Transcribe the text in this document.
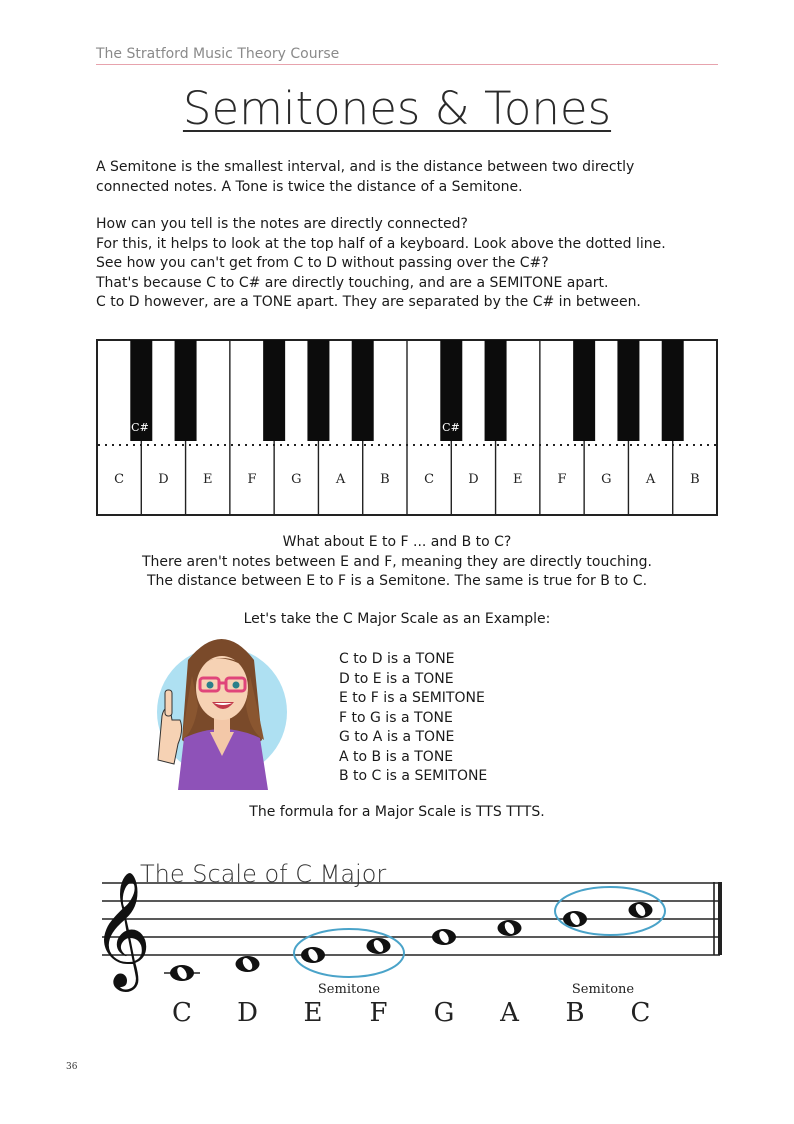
The Stratford Music Theory Course
Semitones & Tones

A Semitone is the smallest interval, and is the distance between two directly

connected notes. A Tone is twice the distance of a Semitone.

How can you tell is the notes are directly connected?

For this, it helps to look at the top half of a keyboard. Look above the dotted line.

See how you can't get from C to D without passing over the C#?

That's because C to C# are directly touching, and are a SEMITONE apart.

C to D however, are a TONE apart. They are separated by the C# in between.

C	D	E	F	G	A	B	C	D	E	F	G	A	B
C#	C#

What about E to F ... and B to C?

There aren't notes between E and F, meaning they are directly touching.

The distance between E to F is a Semitone. The same is true for B to C.

Let's take the C Major Scale as an Example:
C to D is a TONE
D to E is a TONE
E to F is a SEMITONE
F to G is a TONE
G to A is a TONE
A to B is a TONE
B to C is a SEMITONE
The formula for a Major Scale is TTS TTTS.
The Scale of C Major
𝄞
Semitone	Semitone
C D E F G A B C
36
